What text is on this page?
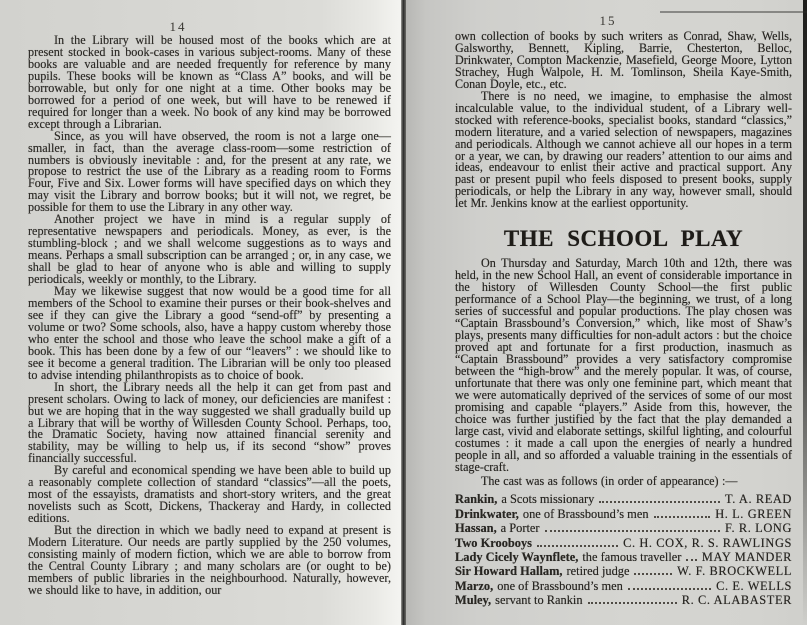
14	15

In the Library will be housed most of the books which are at present stocked in book-cases in various subject-rooms. Many of these books are valuable and are needed frequently for reference by many pupils. These books will be known as “Class A” books, and will be borrowable, but only for one night at a time. Other books may be borrowed for a period of one week, but will have to be renewed if required for longer than a week. No book of any kind may be borrowed except through a Librarian.

Since, as you will have observed, the room is not a large one—smaller, in fact, than the average class-room—some restriction of numbers is obviously inevitable : and, for the present at any rate, we propose to restrict the use of the Library as a reading room to Forms Four, Five and Six. Lower forms will have specified days on which they may visit the Library and borrow books; but it will not, we regret, be possible for them to use the Library in any other way.

Another project we have in mind is a regular supply of representative newspapers and periodicals. Money, as ever, is the stumbling-block ; and we shall welcome suggestions as to ways and means. Perhaps a small subscription can be arranged ; or, in any case, we shall be glad to hear of anyone who is able and willing to supply periodicals, weekly or monthly, to the Library.

May we likewise suggest that now would be a good time for all members of the School to examine their purses or their book-shelves and see if they can give the Library a good “send-off” by presenting a volume or two? Some schools, also, have a happy custom whereby those who enter the school and those who leave the school make a gift of a book. This has been done by a few of our “leavers” : we should like to see it become a general tradition. The Librarian will be only too pleased to advise intending philanthropists as to choice of book.

In short, the Library needs all the help it can get from past and present scholars. Owing to lack of money, our deficiencies are manifest : but we are hoping that in the way suggested we shall gradually build up a Library that will be worthy of Willesden County School. Perhaps, too, the Dramatic Society, having now attained financial serenity and stability, may be willing to help us, if its second “show” proves financially successful.

By careful and economical spending we have been able to build up a reasonably complete collection of standard “classics”—all the poets, most of the essayists, dramatists and short-story writers, and the great novelists such as Scott, Dickens, Thackeray and Hardy, in collected editions.

But the direction in which we badly need to expand at present is Modern Literature. Our needs are partly supplied by the 250 volumes, consisting mainly of modern fiction, which we are able to borrow from the Central County Library ; and many scholars are (or ought to be) members of public libraries in the neighbourhood. Naturally, however, we should like to have, in addition, our

own collection of books by such writers as Conrad, Shaw, Wells, Galsworthy, Bennett, Kipling, Barrie, Chesterton, Belloc, Drinkwater, Compton Mackenzie, Masefield, George Moore, Lytton Strachey, Hugh Walpole, H. M. Tomlinson, Sheila Kaye-Smith, Conan Doyle, etc., etc.

There is no need, we imagine, to emphasise the almost incalculable value, to the individual student, of a Library well-stocked with reference-books, specialist books, standard “classics,” modern literature, and a varied selection of newspapers, magazines and periodicals. Although we cannot achieve all our hopes in a term or a year, we can, by drawing our readers’ attention to our aims and ideas, endeavour to enlist their active and practical support. Any past or present pupil who feels disposed to present books, supply periodicals, or help the Library in any way, however small, should let Mr. Jenkins know at the earliest opportunity.

THE SCHOOL PLAY

On Thursday and Saturday, March 10th and 12th, there was held, in the new School Hall, an event of considerable importance in the history of Willesden County School—the first public performance of a School Play—the beginning, we trust, of a long series of successful and popular productions. The play chosen was “Captain Brassbound’s Conversion,” which, like most of Shaw’s plays, presents many difficulties for non-adult actors : but the choice proved apt and fortunate for a first production, inasmuch as “Captain Brassbound” provides a very satisfactory compromise between the “high-brow” and the merely popular. It was, of course, unfortunate that there was only one feminine part, which meant that we were automatically deprived of the services of some of our most promising and capable “players.” Aside from this, however, the choice was further justified by the fact that the play demanded a large cast, vivid and elaborate settings, skilful lighting, and colourful costumes : it made a call upon the energies of nearly a hundred people in all, and so afforded a valuable training in the essentials of stage-craft.

The cast was as follows (in order of appearance) :—

Rankin, a Scots missionary	T. A. READ
Drinkwater, one of Brassbound’s men	H. L. GREEN
Hassan, a Porter	F. R. LONG
Two Krooboys	C. H. COX, R. S. RAWLINGS
Lady Cicely Waynflete, the famous traveller MAY MANDER
Sir Howard Hallam, retired judge	W. F. BROCKWELL
Marzo, one of Brassbound’s men	C. E. WELLS
Muley, servant to Rankin	R. C. ALABASTER
